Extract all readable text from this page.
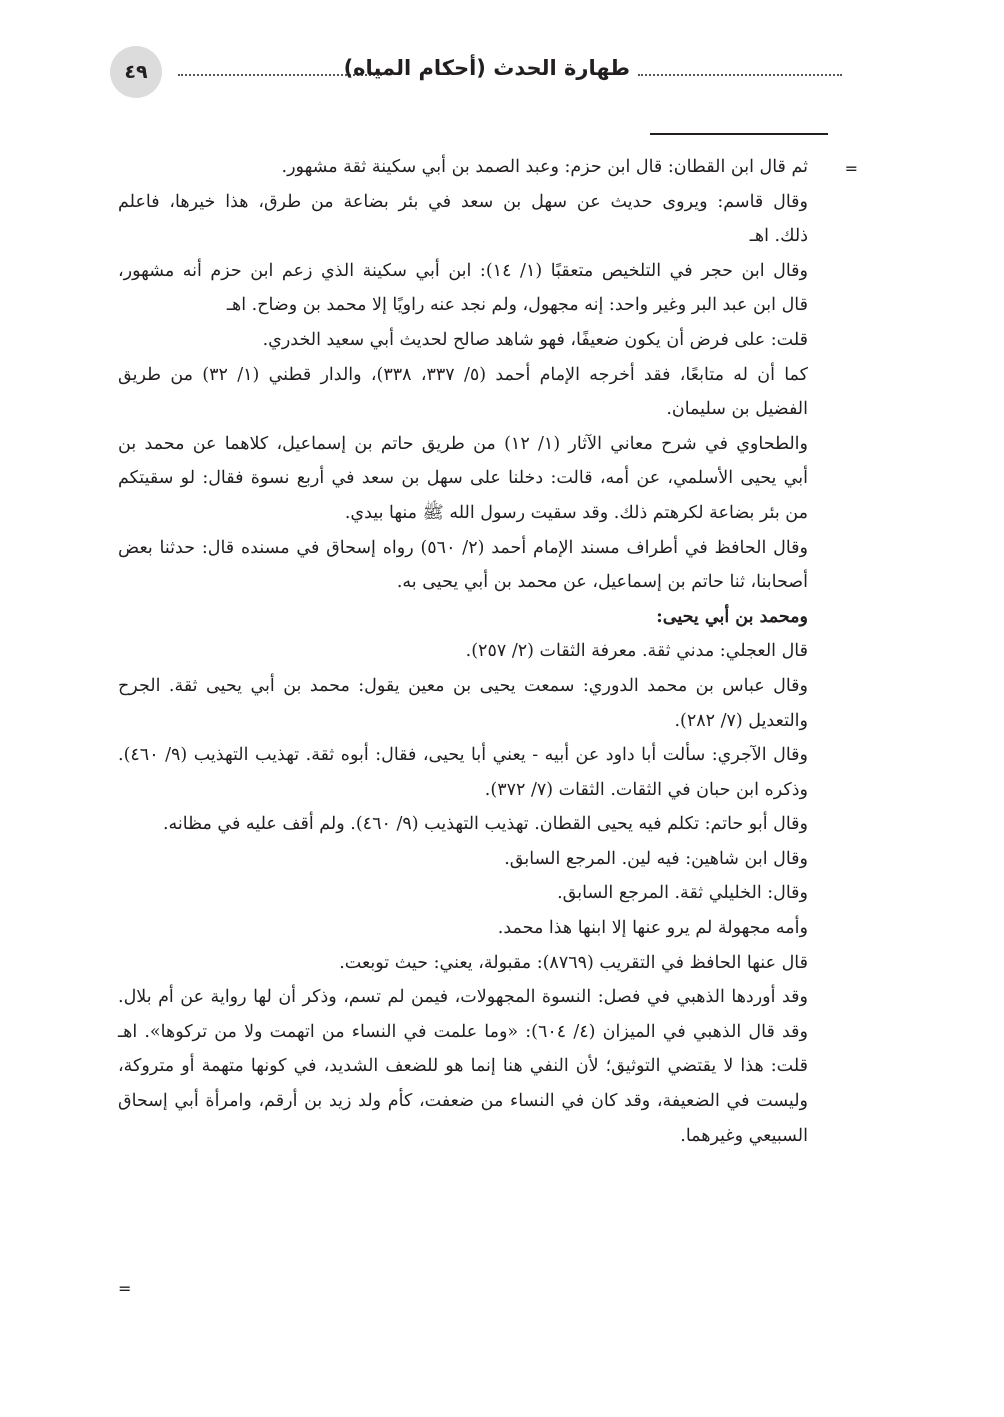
٤٩	طهارة الحدث (أحكام المياه)
=
ثم قال ابن القطان: قال ابن حزم: وعبد الصمد بن أبي سكينة ثقة مشهور.
وقال قاسم: ويروى حديث عن سهل بن سعد في بئر بضاعة من طرق، هذا خيرها، فاعلم
ذلك. اهـ
وقال ابن حجر في التلخيص متعقبًا (١/ ١٤): ابن أبي سكينة الذي زعم ابن حزم أنه مشهور،
قال ابن عبد البر وغير واحد: إنه مجهول، ولم نجد عنه راويًا إلا محمد بن وضاح. اهـ
قلت: على فرض أن يكون ضعيفًا، فهو شاهد صالح لحديث أبي سعيد الخدري.
كما أن له متابعًا، فقد أخرجه الإمام أحمد (٥/ ٣٣٧، ٣٣٨)، والدار قطني (١/ ٣٢) من طريق
الفضيل بن سليمان.
والطحاوي في شرح معاني الآثار (١/ ١٢) من طريق حاتم بن إسماعيل، كلاهما عن محمد بن
أبي يحيى الأسلمي، عن أمه، قالت: دخلنا على سهل بن سعد في أربع نسوة فقال: لو سقيتكم
من بئر بضاعة لكرهتم ذلك. وقد سقيت رسول الله ﷺ منها بيدي.
وقال الحافظ في أطراف مسند الإمام أحمد (٢/ ٥٦٠) رواه إسحاق في مسنده قال: حدثنا بعض
أصحابنا، ثنا حاتم بن إسماعيل، عن محمد بن أبي يحيى به.
ومحمد بن أبي يحيى:
قال العجلي: مدني ثقة. معرفة الثقات (٢/ ٢٥٧).
وقال عباس بن محمد الدوري: سمعت يحيى بن معين يقول: محمد بن أبي يحيى ثقة. الجرح
والتعديل (٧/ ٢٨٢).
وقال الآجري: سألت أبا داود عن أبيه - يعني أبا يحيى، فقال: أبوه ثقة. تهذيب التهذيب (٩/ ٤٦٠).
وذكره ابن حبان في الثقات. الثقات (٧/ ٣٧٢).
وقال أبو حاتم: تكلم فيه يحيى القطان. تهذيب التهذيب (٩/ ٤٦٠). ولم أقف عليه في مظانه.
وقال ابن شاهين: فيه لين. المرجع السابق.
وقال: الخليلي ثقة. المرجع السابق.
وأمه مجهولة لم يرو عنها إلا ابنها هذا محمد.
قال عنها الحافظ في التقريب (٨٧٦٩): مقبولة، يعني: حيث توبعت.
وقد أوردها الذهبي في فصل: النسوة المجهولات، فيمن لم تسم، وذكر أن لها رواية عن أم بلال.
وقد قال الذهبي في الميزان (٤/ ٦٠٤): «وما علمت في النساء من اتهمت ولا من تركوها». اهـ
قلت: هذا لا يقتضي التوثيق؛ لأن النفي هنا إنما هو للضعف الشديد، في كونها متهمة أو متروكة،
وليست في الضعيفة، وقد كان في النساء من ضعفت، كأم ولد زيد بن أرقم، وامرأة أبي إسحاق
السبيعي وغيرهما.
=
